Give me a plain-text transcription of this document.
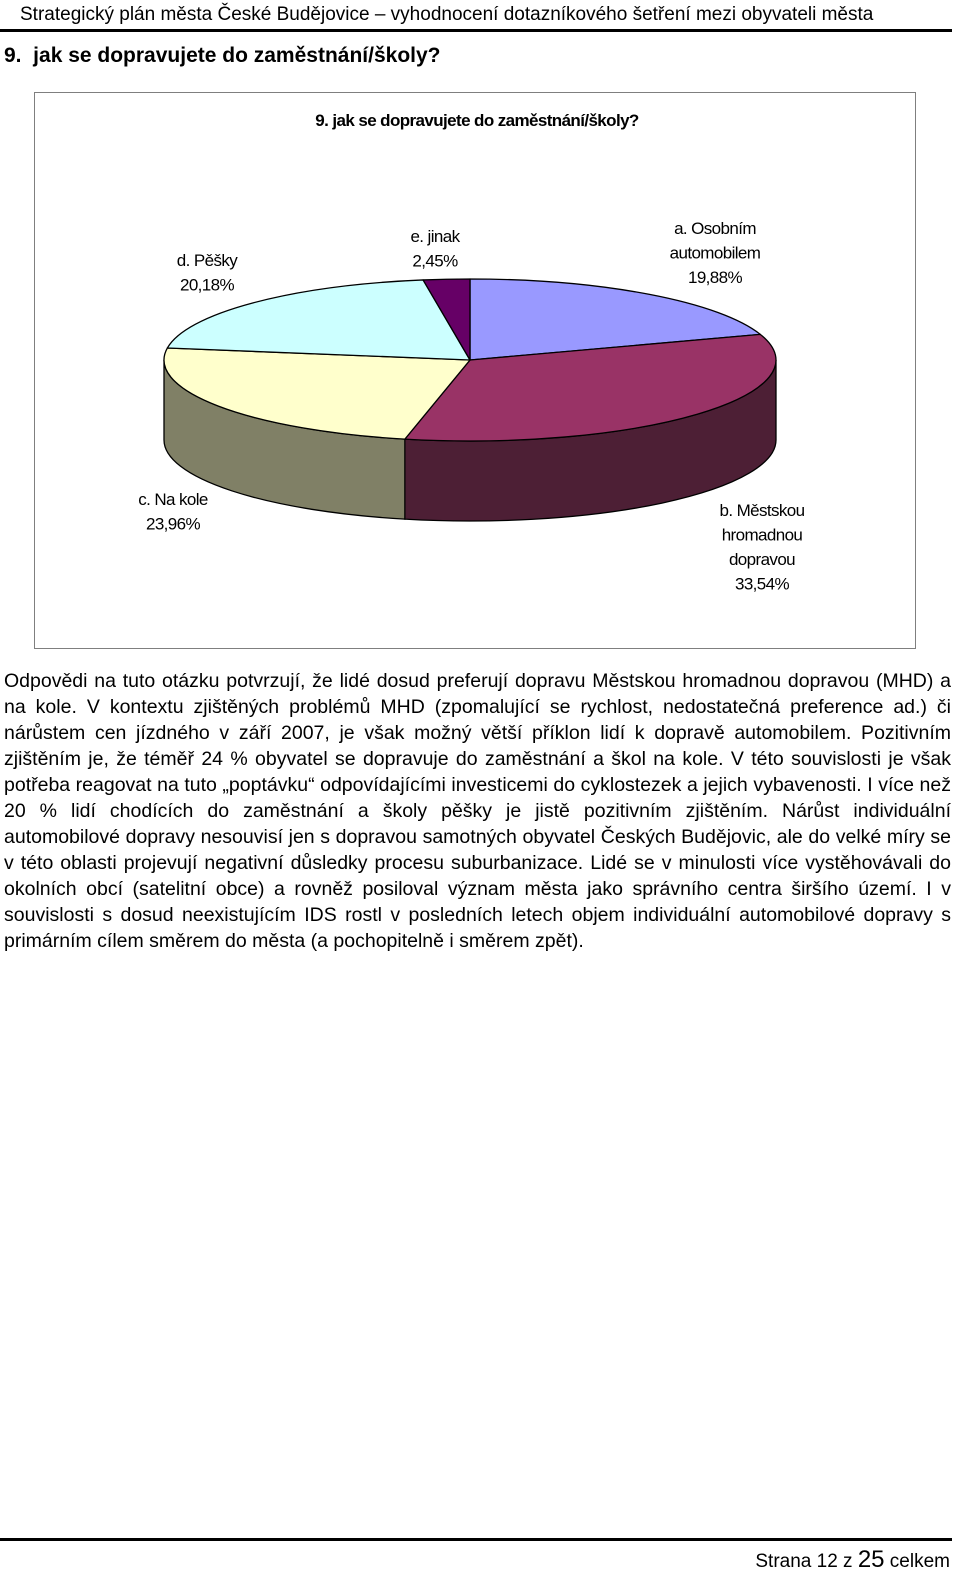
Strategický plán města České Budějovice – vyhodnocení dotazníkového šetření mezi obyvateli města
9.  jak se dopravujete do zaměstnání/školy?
9. jak se dopravujete do zaměstnání/školy?
a. Osobním automobilem 19,88%
b. Městskou hromadnou dopravou 33,54%
c. Na kole 23,96%
d. Pěšky 20,18%
e. jinak 2,45%
Odpovědi na tuto otázku potvrzují, že lidé dosud preferují dopravu Městskou hromadnou dopravou (MHD) a na kole. V kontextu zjištěných problémů MHD (zpomalující se rychlost, nedostatečná preference ad.) či nárůstem cen jízdného v září 2007, je však možný větší příklon lidí k dopravě automobilem. Pozitivním zjištěním je, že téměř 24 % obyvatel se dopravuje do zaměstnání a škol na kole. V této souvislosti je však potřeba reagovat na tuto „poptávku“ odpovídajícími investicemi do cyklostezek a jejich vybavenosti. I více než 20 % lidí chodících do zaměstnání a školy pěšky je jistě pozitivním zjištěním. Nárůst individuální automobilové dopravy nesouvisí jen s dopravou samotných obyvatel Českých Budějovic, ale do velké míry se v této oblasti projevují negativní důsledky procesu suburbanizace. Lidé se v minulosti více vystěhovávali do okolních obcí (satelitní obce) a rovněž posiloval význam města jako správního centra širšího území. I v souvislosti s dosud neexistujícím IDS rostl v posledních letech objem individuální automobilové dopravy s primárním cílem směrem do města (a pochopitelně i směrem zpět).
Strana 12 z 25 celkem
